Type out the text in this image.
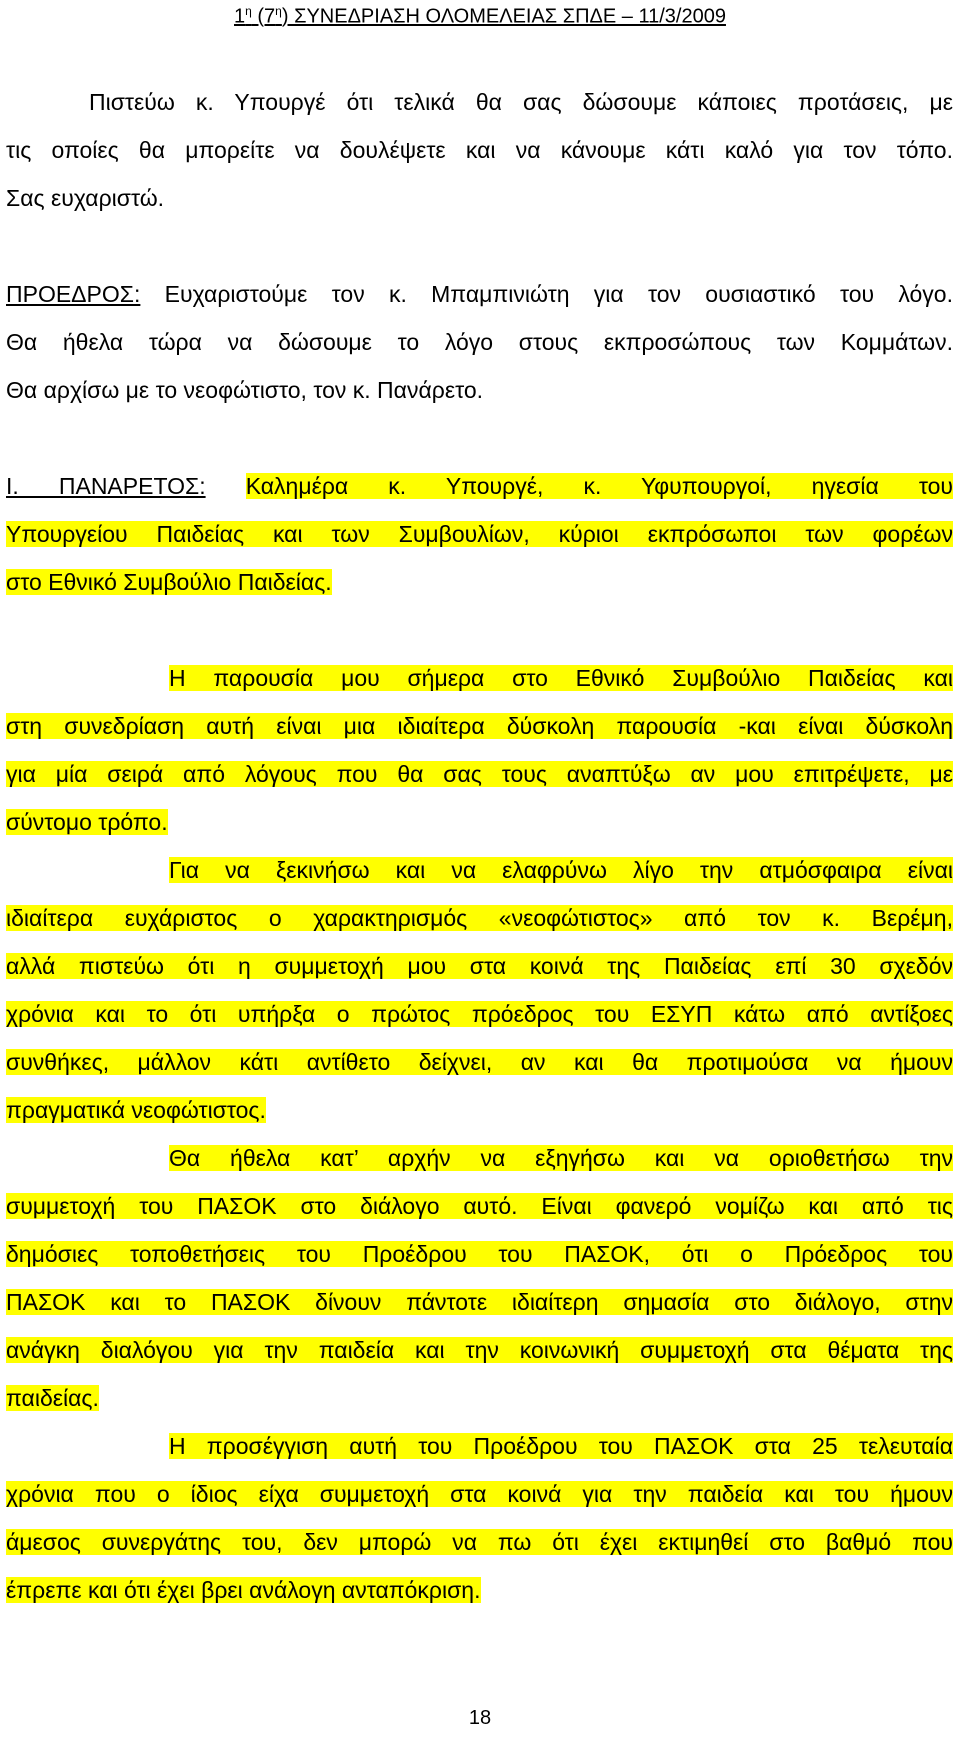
$1^\eta$ $(7^\eta)$ ΣΥΝΕΔΡΙΑΣΗ ΟΛΟΜΕΛΕΙΑΣ ΣΠΔΕ – 11/3/2009

Πιστεύω κ. Υπουργέ ότι τελικά θα σας δώσουμε κάποιες προτάσεις, με

τις οποίες θα μπορείτε να δουλέψετε και να κάνουμε κάτι καλό για τον τόπο.

Σας ευχαριστώ.

ΠΡΟΕΔΡΟΣ: Ευχαριστούμε τον κ. Μπαμπινιώτη για τον ουσιαστικό του λόγο.

Θα ήθελα τώρα να δώσουμε το λόγο στους εκπροσώπους των Κομμάτων.

Θα αρχίσω με το νεοφώτιστο, τον κ. Πανάρετο.

Ι. ΠΑΝΑΡΕΤΟΣ: Καλημέρα κ. Υπουργέ, κ. Υφυπουργοί, ηγεσία του

Υπουργείου Παιδείας και των Συμβουλίων, κύριοι εκπρόσωποι των φορέων

στο Εθνικό Συμβούλιο Παιδείας.

Η παρουσία μου σήμερα στο Εθνικό Συμβούλιο Παιδείας και

στη συνεδρίαση αυτή είναι μια ιδιαίτερα δύσκολη παρουσία -και είναι δύσκολη

για μία σειρά από λόγους που θα σας τους αναπτύξω αν μου επιτρέψετε, με

σύντομο τρόπο.

Για να ξεκινήσω και να ελαφρύνω λίγο την ατμόσφαιρα είναι

ιδιαίτερα ευχάριστος ο χαρακτηρισμός «νεοφώτιστος» από τον κ. Βερέμη,

αλλά πιστεύω ότι η συμμετοχή μου στα κοινά της Παιδείας επί 30 σχεδόν

χρόνια και το ότι υπήρξα ο πρώτος πρόεδρος του ΕΣΥΠ κάτω από αντίξοες

συνθήκες, μάλλον κάτι αντίθετο δείχνει, αν και θα προτιμούσα να ήμουν

πραγματικά νεοφώτιστος.

Θα ήθελα κατ’ αρχήν να εξηγήσω και να οριοθετήσω την

συμμετοχή του ΠΑΣΟΚ στο διάλογο αυτό. Είναι φανερό νομίζω και από τις

δημόσιες τοποθετήσεις του Προέδρου του ΠΑΣΟΚ, ότι ο Πρόεδρος του

ΠΑΣΟΚ και το ΠΑΣΟΚ δίνουν πάντοτε ιδιαίτερη σημασία στο διάλογο, στην

ανάγκη διαλόγου για την παιδεία και την κοινωνική συμμετοχή στα θέματα της

παιδείας.

Η προσέγγιση αυτή του Προέδρου του ΠΑΣΟΚ στα 25 τελευταία

χρόνια που ο ίδιος είχα συμμετοχή στα κοινά για την παιδεία και του ήμουν

άμεσος συνεργάτης του, δεν μπορώ να πω ότι έχει εκτιμηθεί στο βαθμό που

έπρεπε και ότι έχει βρει ανάλογη ανταπόκριση.

18
